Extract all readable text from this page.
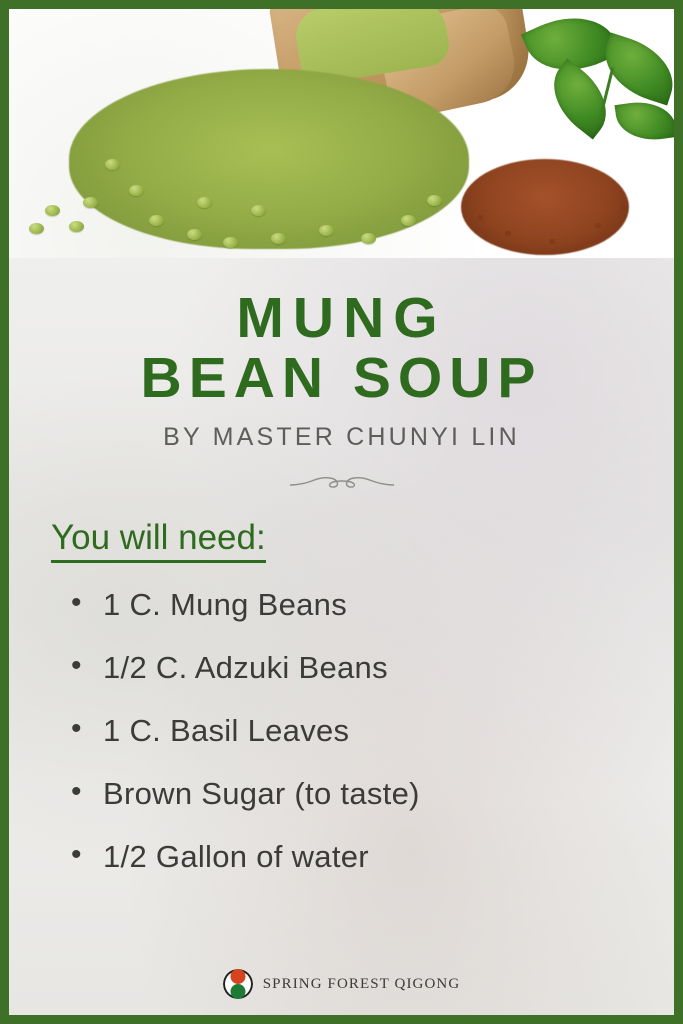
MUNG
BEAN SOUP
BY MASTER CHUNYI LIN
You will need:
• 1 C. Mung Beans
• 1/2 C. Adzuki Beans
• 1 C. Basil Leaves
• Brown Sugar (to taste)
• 1/2 Gallon of water
SPRING FOREST QIGONG
